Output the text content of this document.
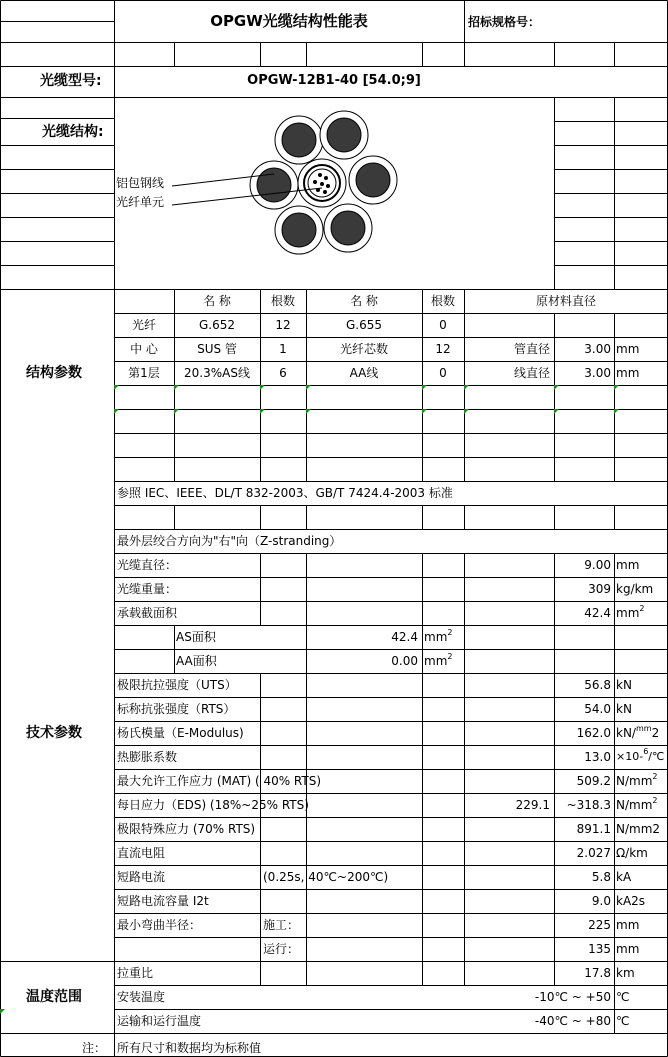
OPGW光缆结构性能表	招标规格号：
光缆型号:	OPGW-12B1-40 [54.0;9]
光缆结构:
铝包钢线
光纤单元
名 称	根数	名 称	根数	原材料直径
光纤	G.652	12	G.655	0
中 心	SUS 管	1	光纤芯数	12	管直径	3.00 mm
结构参数	第1层	20.3%AS线	6	AA线	0	线直径	3.00 mm
参照 IEC、IEEE、DL/T 832-2003、GB/T 7424.4-2003 标准
最外层绞合方向为"右"向（Z-stranding）
光缆直径：	9.00 mm
光缆重量：	309 kg/km
承载截面积	42.4 $mm^2$
AS面积	42.4 $mm^2$
AA面积	0.00 $mm^2$
极限抗拉强度（UTS）	56.8 kN
标称抗张强度（RTS）	54.0 kN
技术参数	杨氏模量（E-Modulus)	162.0 kN/$^{mm}$2
热膨胀系数	13.0 ×10-$^6$/℃
最大允许工作应力 (MAT) ( 40% RTS)	509.2 $N/mm^2$
每日应力（EDS) (18%~25% RTS)	229.1	~318.3 $N/mm^2$
极限特殊应力 (70% RTS)	891.1 N/mm2
直流电阻	2.027 Ω/km
短路电流	(0.25s, 40℃~200℃)	5.8 kA
短路电流容量 I2t	9.0 kA2s
最小弯曲半径：	施工：	225 mm
运行：	135 mm
拉重比	17.8 km
温度范围	安装温度	-10℃ ~ +50 ℃
运输和运行温度	-40℃ ~ +80 ℃
注： 所有尺寸和数据均为标称值
